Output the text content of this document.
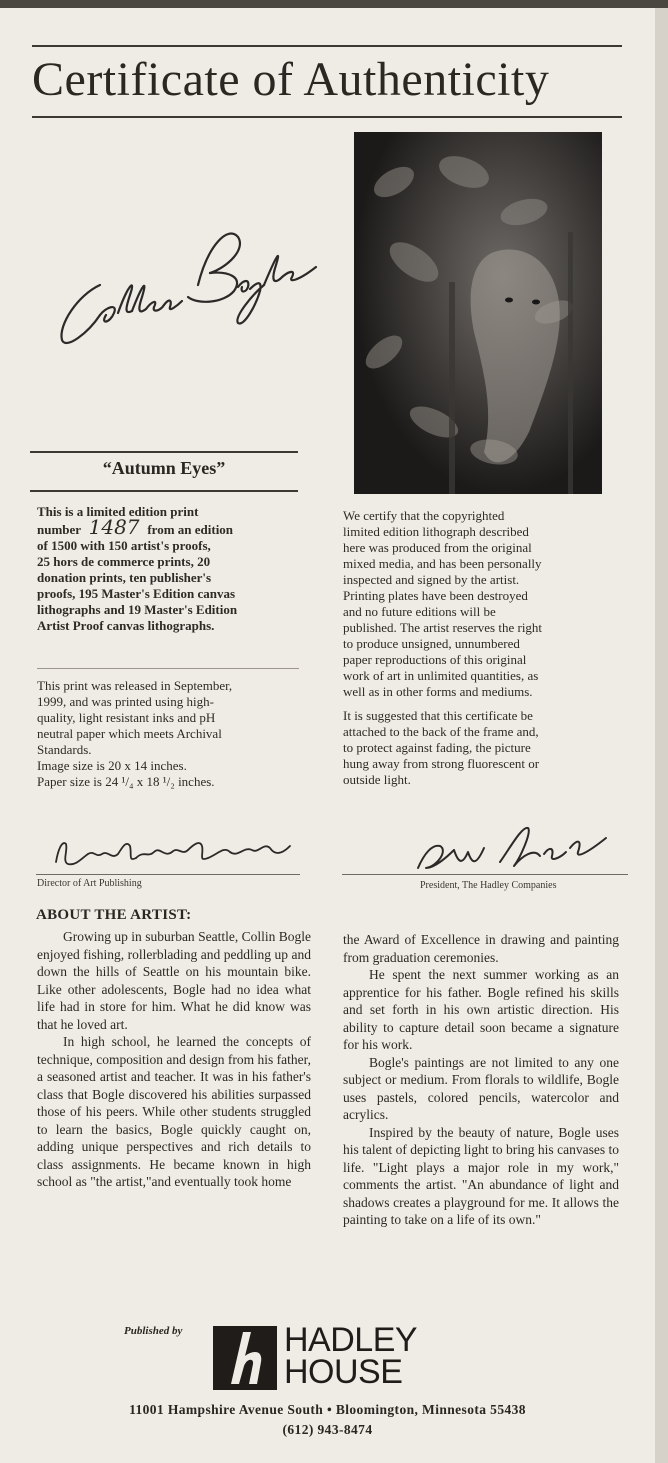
Certificate of Authenticity
“Autumn Eyes”
This is a limited edition print
number 1487 from an edition
of 1500 with 150 artist's proofs,
25 hors de commerce prints, 20
donation prints, ten publisher's
proofs, 195 Master's Edition canvas
lithographs and 19 Master's Edition
Artist Proof canvas lithographs.
This print was released in September,
1999, and was printed using high-
quality, light resistant inks and pH
neutral paper which meets Archival
Standards.
Image size is 20 x 14 inches.
Paper size is 24 ¹/₄ x 18 ¹/₂ inches.
We certify that the copyrighted
limited edition lithograph described
here was produced from the original
mixed media, and has been personally
inspected and signed by the artist.
Printing plates have been destroyed
and no future editions will be
published. The artist reserves the right
to produce unsigned, unnumbered
paper reproductions of this original
work of art in unlimited quantities, as
well as in other forms and mediums.
It is suggested that this certificate be
attached to the back of the frame and,
to protect against fading, the picture
hung away from strong fluorescent or
outside light.
Director of Art Publishing	President, The Hadley Companies
ABOUT THE ARTIST:

Growing up in suburban Seattle, Collin Bogle enjoyed fishing, rollerblading and peddling up and down the hills of Seattle on his mountain bike. Like other adolescents, Bogle had no idea what life had in store for him. What he did know was that he loved art.

In high school, he learned the concepts of technique, composition and design from his father, a seasoned artist and teacher. It was in his father's class that Bogle discovered his abilities surpassed those of his peers. While other students struggled to learn the basics, Bogle quickly caught on, adding unique perspectives and rich details to class assignments. He became known in high school as "the artist,"and eventually took home

the Award of Excellence in drawing and painting from graduation ceremonies.

He spent the next summer working as an apprentice for his father. Bogle refined his skills and set forth in his own artistic direction. His ability to capture detail soon became a signature for his work.

Bogle's paintings are not limited to any one subject or medium. From florals to wildlife, Bogle uses pastels, colored pencils, watercolor and acrylics.

Inspired by the beauty of nature, Bogle uses his talent of depicting light to bring his canvases to life. "Light plays a major role in my work," comments the artist. "An abundance of light and shadows creates a playground for me. It allows the painting to take on a life of its own."

Published by	HADLEY
HOUSE
11001 Hampshire Avenue South • Bloomington, Minnesota 55438
(612) 943-8474
